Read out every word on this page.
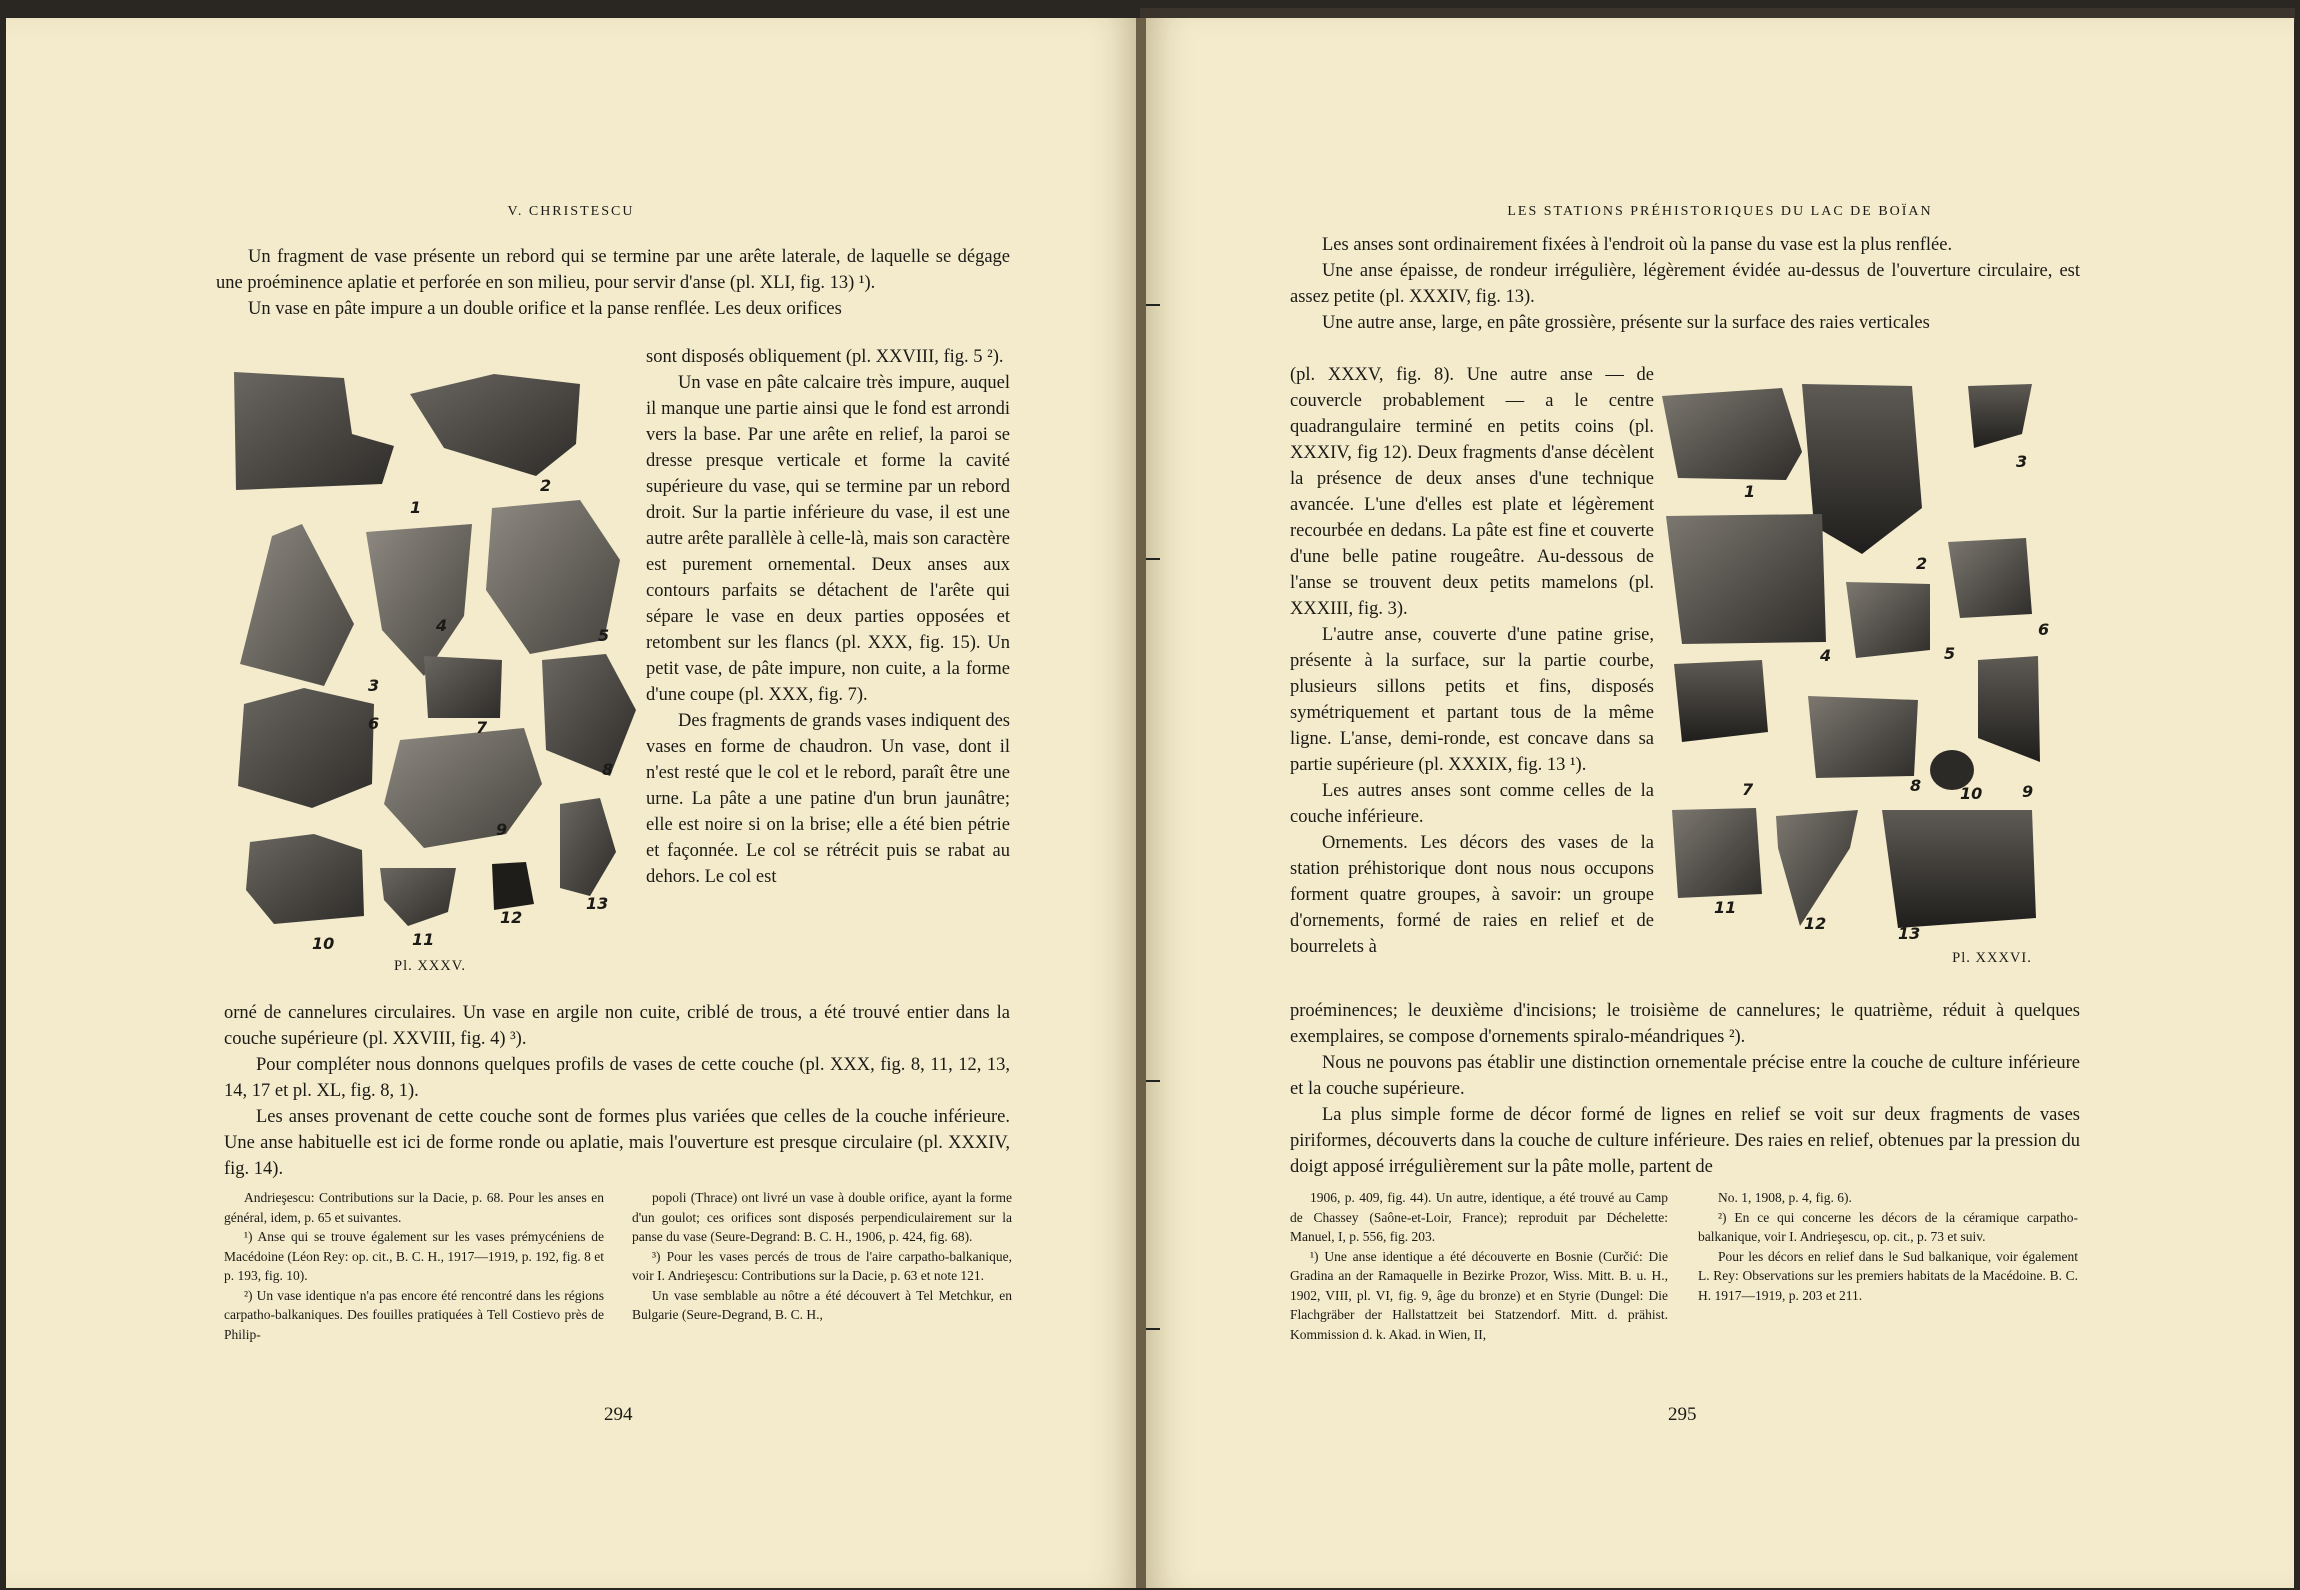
V. CHRISTESCU

Un fragment de vase présente un rebord qui se termine par une arête laterale, de laquelle se dégage une proéminence aplatie et perforée en son milieu, pour servir d'anse (pl. XLI, fig. 13) ¹).

Un vase en pâte impure a un double orifice et la panse renflée. Les deux orifices

1
2
3
4
5
6	7
8
9
10	11
12
13
Pl. XXXV.

sont disposés obliquement (pl. XXVIII, fig. 5 ²).

Un vase en pâte calcaire très impure, auquel il manque une partie ainsi que le fond est arrondi vers la base. Par une arête en relief, la paroi se dresse presque verticale et forme la cavité supérieure du vase, qui se termine par un rebord droit. Sur la partie inférieure du vase, il est une autre arête parallèle à celle-là, mais son caractère est purement ornemental. Deux anses aux contours parfaits se détachent de l'arête qui sépare le vase en deux parties opposées et retombent sur les flancs (pl. XXX, fig. 15). Un petit vase, de pâte impure, non cuite, a la forme d'une coupe (pl. XXX, fig. 7).

Des fragments de grands vases indiquent des vases en forme de chaudron. Un vase, dont il n'est resté que le col et le rebord, paraît être une urne. La pâte a une patine d'un brun jaunâtre; elle est noire si on la brise; elle a été bien pétrie et façonnée. Le col se rétrécit puis se rabat au dehors. Le col est

orné de cannelures circulaires. Un vase en argile non cuite, criblé de trous, a été trouvé entier dans la couche supérieure (pl. XXVIII, fig. 4) ³).

Pour compléter nous donnons quelques profils de vases de cette couche (pl. XXX, fig. 8, 11, 12, 13, 14, 17 et pl. XL, fig. 8, 1).

Les anses provenant de cette couche sont de formes plus variées que celles de la couche inférieure. Une anse habituelle est ici de forme ronde ou aplatie, mais l'ouverture est presque circulaire (pl. XXXIV, fig. 14).

Andrieşescu: Contributions sur la Dacie, p. 68. Pour les anses en général, idem, p. 65 et suivantes.

¹) Anse qui se trouve également sur les vases prémycéniens de Macédoine (Léon Rey: op. cit., B. C. H., 1917—1919, p. 192, fig. 8 et p. 193, fig. 10).

²) Un vase identique n'a pas encore été rencontré dans les régions carpatho-balkaniques. Des fouilles pratiquées à Tell Costievo près de Philip-

popoli (Thrace) ont livré un vase à double orifice, ayant la forme d'un goulot; ces orifices sont disposés perpendiculairement sur la panse du vase (Seure-Degrand: B. C. H., 1906, p. 424, fig. 68).

³) Pour les vases percés de trous de l'aire carpatho-balkanique, voir I. Andrieşescu: Contributions sur la Dacie, p. 63 et note 121.

Un vase semblable au nôtre a été découvert à Tel Metchkur, en Bulgarie (Seure-Degrand, B. C. H.,

294
LES STATIONS PRÉHISTORIQUES DU LAC DE BOÏAN

Les anses sont ordinairement fixées à l'endroit où la panse du vase est la plus renflée.

Une anse épaisse, de rondeur irrégulière, légèrement évidée au-dessus de l'ouverture circulaire, est assez petite (pl. XXXIV, fig. 13).

Une autre anse, large, en pâte grossière, présente sur la surface des raies verticales

(pl. XXXV, fig. 8). Une autre anse — de couvercle probablement — a le centre quadrangulaire terminé en petits coins (pl. XXXIV, fig 12). Deux fragments d'anse décèlent la présence de deux anses d'une technique avancée. L'une d'elles est plate et légèrement recourbée en dedans. La pâte est fine et couverte d'une belle patine rougeâtre. Au-dessous de l'anse se trouvent deux petits mamelons (pl. XXXIII, fig. 3).

L'autre anse, couverte d'une patine grise, présente à la surface, sur la partie courbe, plusieurs sillons petits et fins, disposés symétriquement et partant tous de la même ligne. L'anse, demi-ronde, est concave dans sa partie supérieure (pl. XXXIX, fig. 13 ¹).

Les autres anses sont comme celles de la couche inférieure.

Ornements. Les décors des vases de la station préhistorique dont nous nous occupons forment quatre groupes, à savoir: un groupe d'ornements, formé de raies en relief et de bourrelets à

1
2
3
4	5
6
7	8 10 9
11
12
13
Pl. XXXVI.

proéminences; le deuxième d'incisions; le troisième de cannelures; le quatrième, réduit à quelques exemplaires, se compose d'ornements spiralo-méandriques ²).

Nous ne pouvons pas établir une distinction ornementale précise entre la couche de culture inférieure et la couche supérieure.

La plus simple forme de décor formé de lignes en relief se voit sur deux fragments de vases piriformes, découverts dans la couche de culture inférieure. Des raies en relief, obtenues par la pression du doigt apposé irrégulièrement sur la pâte molle, partent de

1906, p. 409, fig. 44). Un autre, identique, a été trouvé au Camp de Chassey (Saône-et-Loir, France); reproduit par Déchelette: Manuel, I, p. 556, fig. 203.

¹) Une anse identique a été découverte en Bosnie (Curčić: Die Gradina an der Ramaquelle in Bezirke Prozor, Wiss. Mitt. B. u. H., 1902, VIII, pl. VI, fig. 9, âge du bronze) et en Styrie (Dungel: Die Flachgräber der Hallstattzeit bei Statzendorf. Mitt. d. prähist. Kommission d. k. Akad. in Wien, II,

No. 1, 1908, p. 4, fig. 6).

²) En ce qui concerne les décors de la céramique carpatho-balkanique, voir I. Andrieşescu, op. cit., p. 73 et suiv.

Pour les décors en relief dans le Sud balkanique, voir également L. Rey: Observations sur les premiers habitats de la Macédoine. B. C. H. 1917—1919, p. 203 et 211.

295
